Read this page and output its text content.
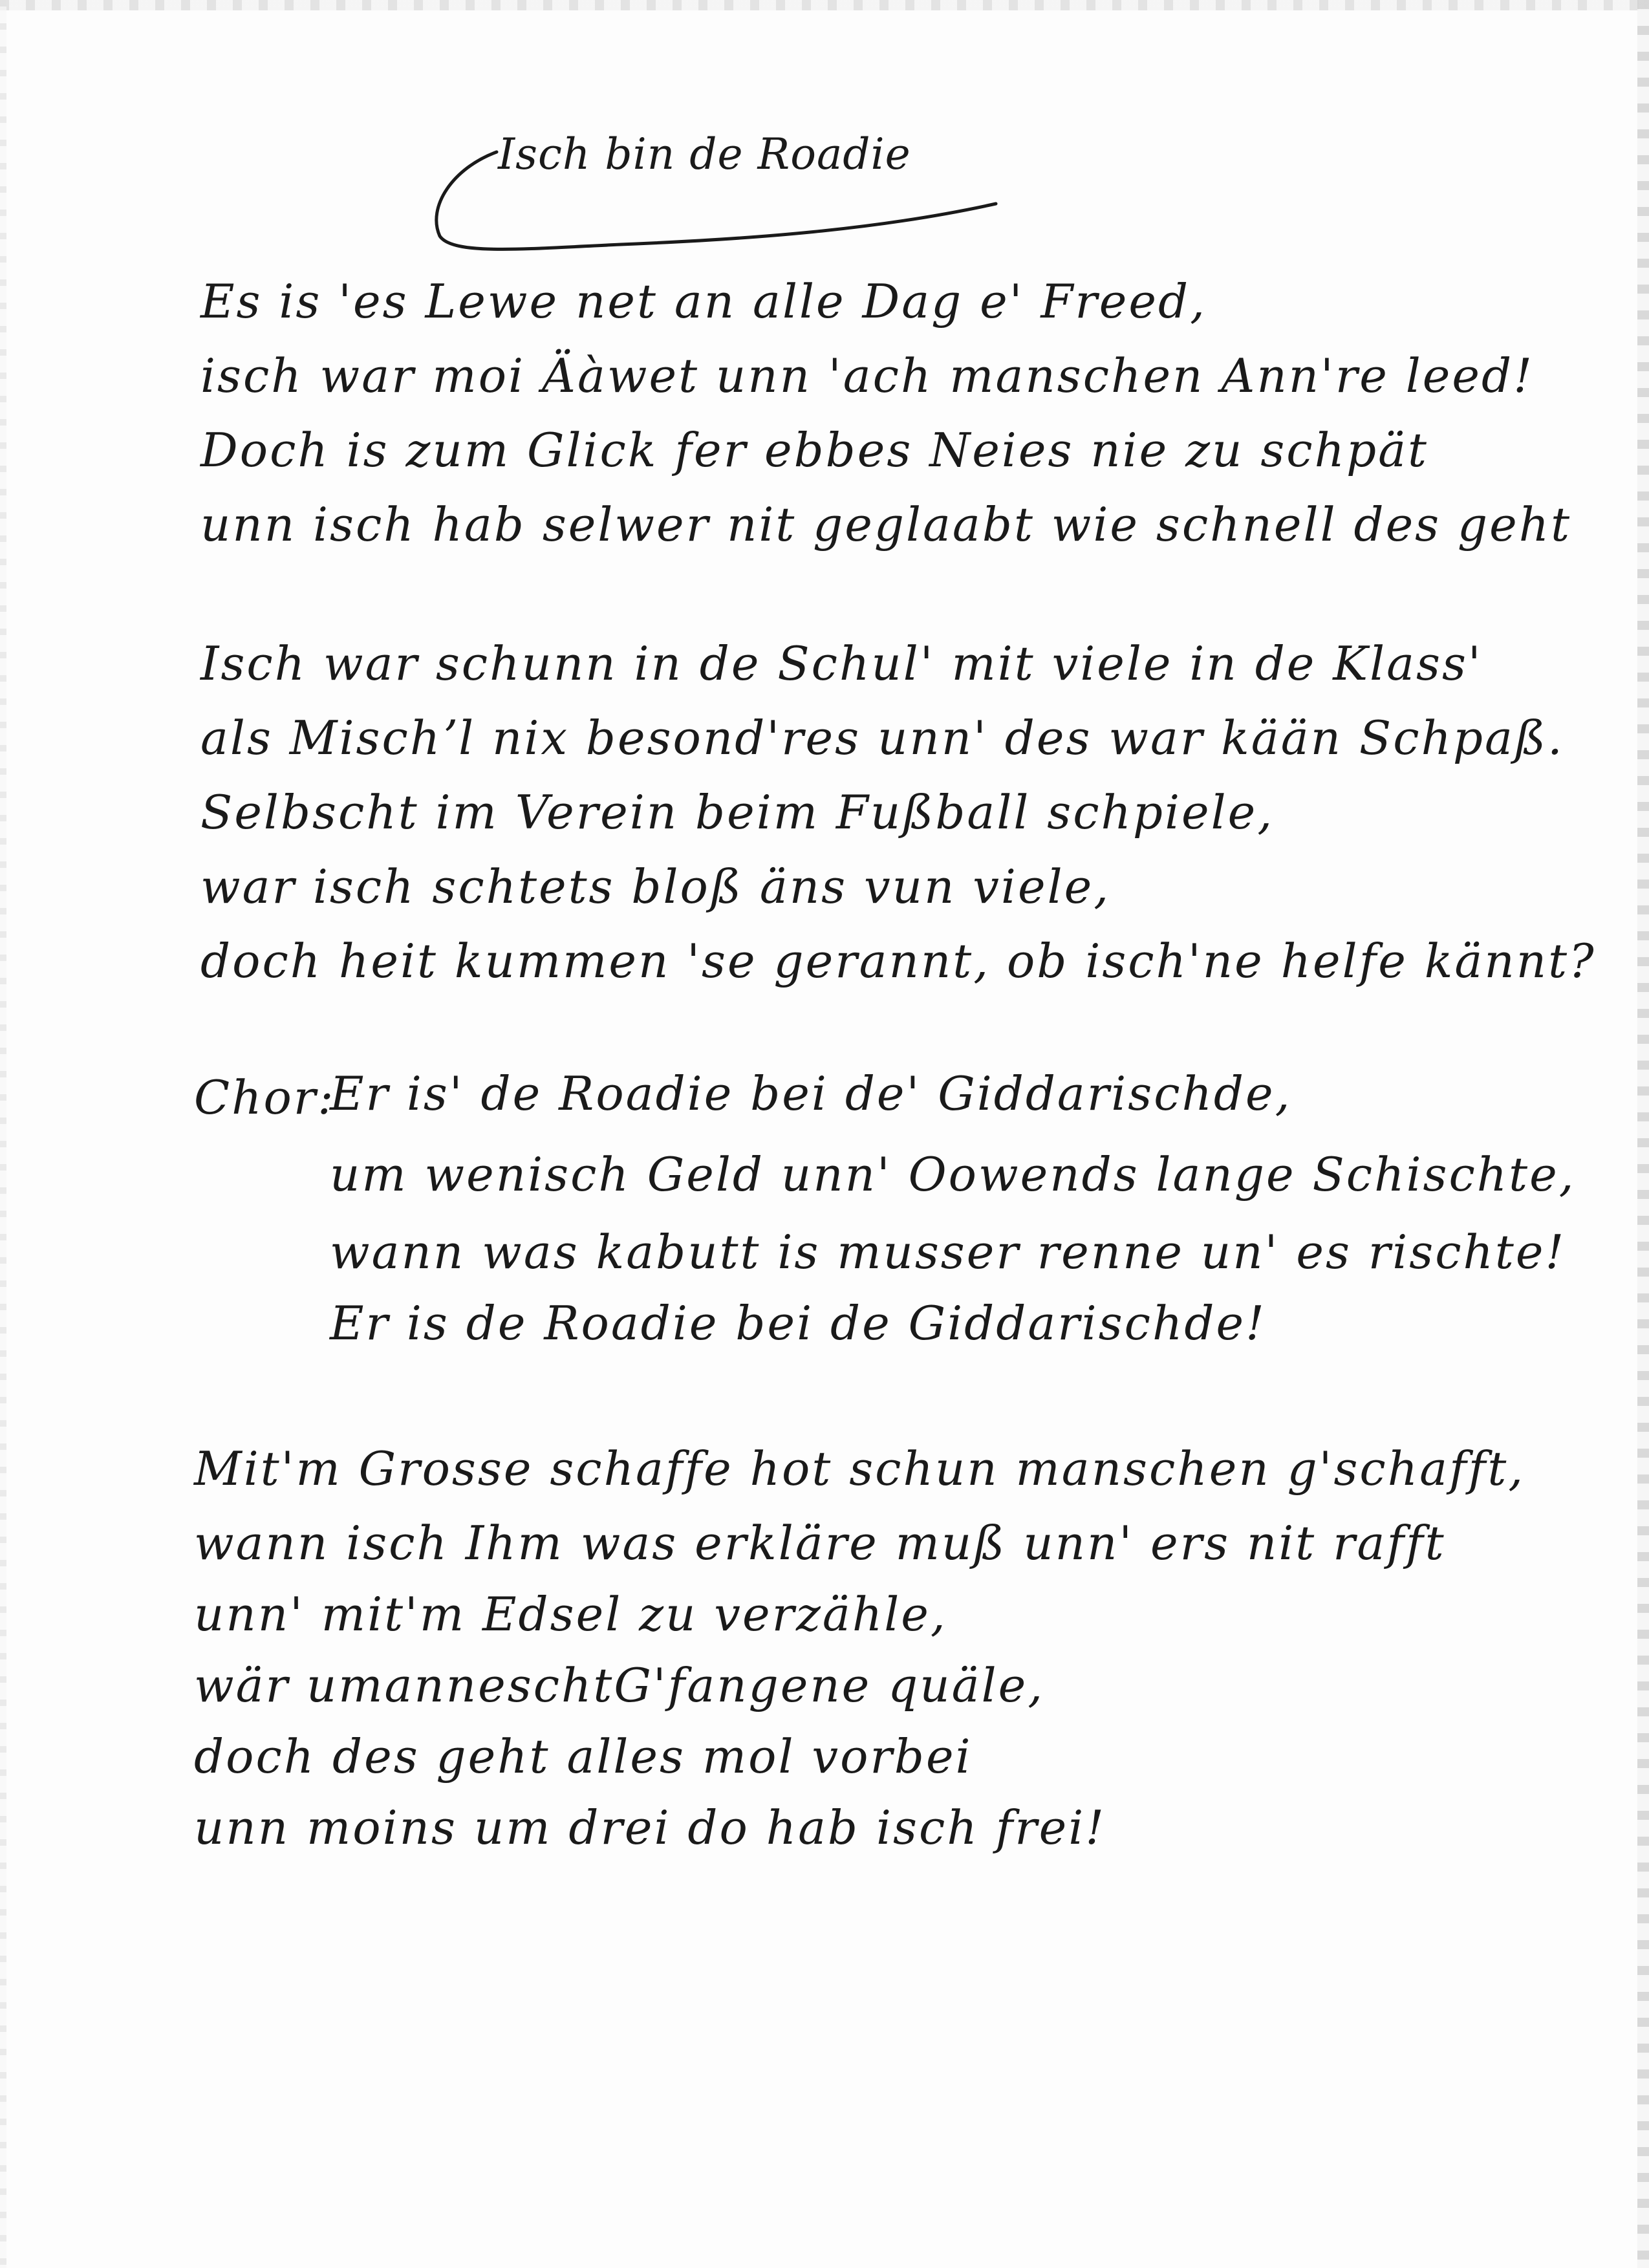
Isch bin de Roadie

Es is 'es Lewe net an alle Dag e' Freed,

isch war moi Äàwet unn 'ach manschen Ann're leed!

Doch is zum Glick fer ebbes Neies nie zu schpät

unn isch hab selwer nit geglaabt wie schnell des geht

Isch war schunn in de Schul' mit viele in de Klass'

als Mischʼl nix besond'res unn' des war kään Schpaß.

Selbscht im Verein beim Fußball schpiele,

war isch schtets bloß äns vun viele,

doch heit kummen 'se gerannt, ob isch'ne helfe kännt?

Chor:

Er is' de Roadie bei de' Giddarischde,

um wenisch Geld unn' Oowends lange Schischte,

wann was kabutt is musser renne un' es rischte!

Er is de Roadie bei de Giddarischde!

Mit'm Grosse schaffe hot schun manschen g'schafft,

wann isch Ihm was erkläre muß unn' ers nit rafft

unn' mit'm Edsel zu verzähle,

wär umanneschtG'fangene quäle,

doch des geht alles mol vorbei

unn moins um drei do hab isch frei!
